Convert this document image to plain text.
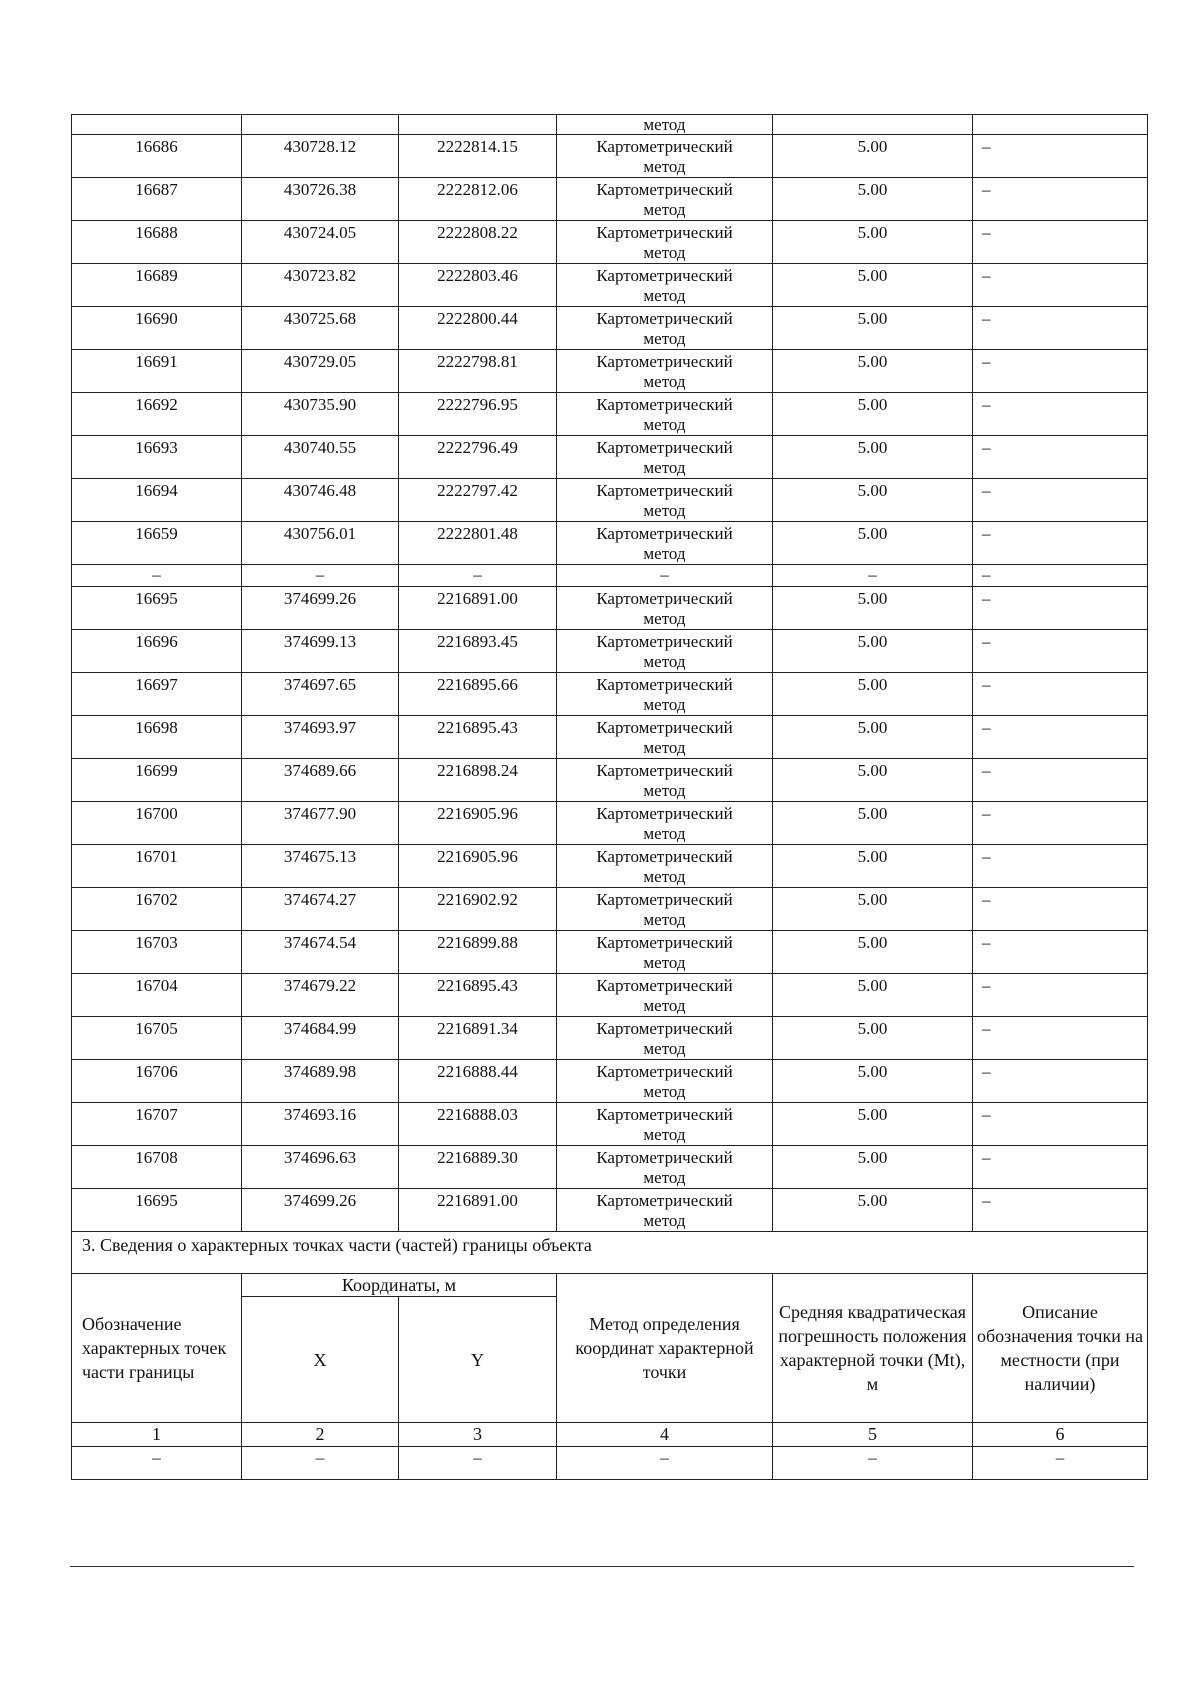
			метод		
16686	430728.12	2222814.15	Картометрический
метод	5.00	–
16687	430726.38	2222812.06	Картометрический
метод	5.00	–
16688	430724.05	2222808.22	Картометрический
метод	5.00	–
16689	430723.82	2222803.46	Картометрический
метод	5.00	–
16690	430725.68	2222800.44	Картометрический
метод	5.00	–
16691	430729.05	2222798.81	Картометрический
метод	5.00	–
16692	430735.90	2222796.95	Картометрический
метод	5.00	–
16693	430740.55	2222796.49	Картометрический
метод	5.00	–
16694	430746.48	2222797.42	Картометрический
метод	5.00	–
16659	430756.01	2222801.48	Картометрический
метод	5.00	–
–	–	–	–	–	–
16695	374699.26	2216891.00	Картометрический
метод	5.00	–
16696	374699.13	2216893.45	Картометрический
метод	5.00	–
16697	374697.65	2216895.66	Картометрический
метод	5.00	–
16698	374693.97	2216895.43	Картометрический
метод	5.00	–
16699	374689.66	2216898.24	Картометрический
метод	5.00	–
16700	374677.90	2216905.96	Картометрический
метод	5.00	–
16701	374675.13	2216905.96	Картометрический
метод	5.00	–
16702	374674.27	2216902.92	Картометрический
метод	5.00	–
16703	374674.54	2216899.88	Картометрический
метод	5.00	–
16704	374679.22	2216895.43	Картометрический
метод	5.00	–
16705	374684.99	2216891.34	Картометрический
метод	5.00	–
16706	374689.98	2216888.44	Картометрический
метод	5.00	–
16707	374693.16	2216888.03	Картометрический
метод	5.00	–
16708	374696.63	2216889.30	Картометрический
метод	5.00	–
16695	374699.26	2216891.00	Картометрический
метод	5.00	–
3. Сведения о характерных точках части (частей) границы объекта					
Обозначение характерных точек части границы	Координаты, м		Метод определения координат характерной точки	Средняя квадратическая погрешность положения характерной точки (Mt), м	Описание обозначения точки на местности (при наличии)
	X	Y			
1	2	3	4	5	6
–	–	–	–	–	–
